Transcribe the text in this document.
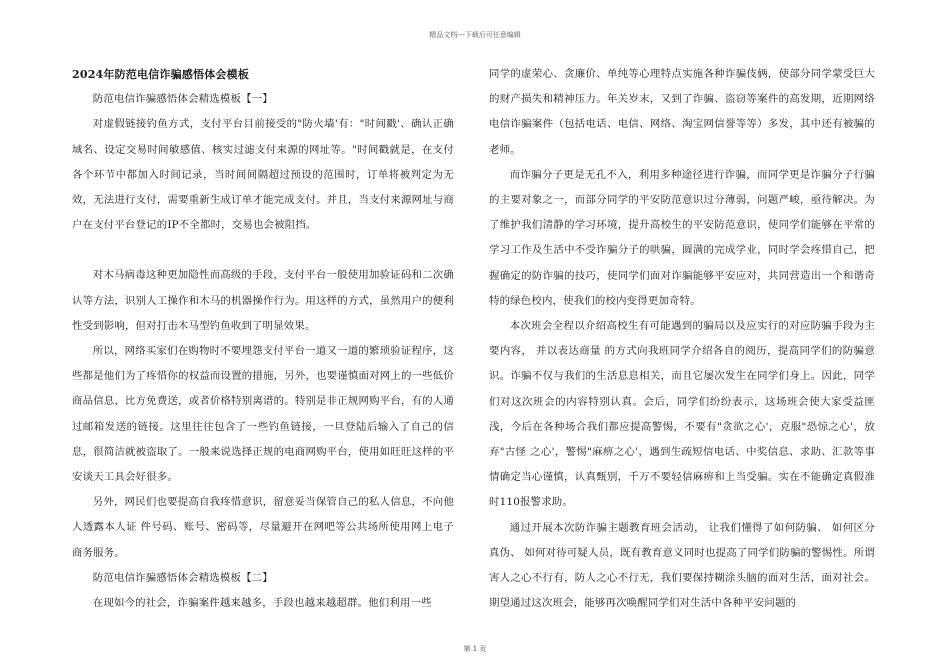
精品文档---下载后可任意编辑

2024年防范电信诈骗感悟体会模板

防范电信诈骗感悟体会精选模板【一】

对虚假链接钓鱼方式，支付平台目前接受的"防火墙'有："时间戳'、确认正确域名、设定交易时间敏感值、核实过滤支付来源的网址等。"时间戳就是，在支付各个环节中都加入时间记录，当时间间隔超过预设的范围时，订单将被判定为无效，无法进行支付，需要重新生成订单才能完成支付。并且，当支付来源网址与商户在支付平台登记的IP不全都时，交易也会被阻挡。

对木马病毒这种更加隐性而高级的手段，支付平台一般使用加验证码和二次确认等方法，识别人工操作和木马的机器操作行为。用这样的方式，虽然用户的便利性受到影响，但对打击木马型钓鱼收到了明显效果。

所以，网络买家们在购物时不要埋怨支付平台一道又一道的繁琐验证程序，这些都是他们为了疼惜你的权益而设置的措施，另外，也要谨慎面对网上的一些低价商品信息，比方免费送，或者价格特别离谱的。特别是非正规网购平台，有的人通过邮箱发送的链接。这里往往包含了一些钓鱼链接，一旦登陆后输入了自己的信息，很简洁就被盗取了。一般来说选择正规的电商网购平台，使用如旺旺这样的平安谈天工具会好很多。

另外，网民们也要提高自我疼惜意识，留意妥当保管自己的私人信息，不向他人透露本人证 件号码、账号、密码等，尽量避开在网吧等公共场所使用网上电子商务服务。

防范电信诈骗感悟体会精选模板【二】

在现如今的社会，诈骗案件越来越多，手段也越来越超群。他们利用一些

同学的虚荣心、贪廉价、单纯等心理特点实施各种诈骗伎俩，使部分同学蒙受巨大的财产损失和精神压力。年关岁末，又到了诈骗、盗窃等案件的高发期，近期网络电信诈骗案件（包括电话、电信、网络、淘宝网信誉等等）多发，其中还有被骗的老师。

而诈骗分子更是无孔不入，利用多种途径进行诈骗，而同学更是诈骗分子行骗的主要对象之一，而部分同学的平安防范意识过分薄弱，问题严峻，亟待解决。为了维护我们清静的学习环境，提升高校生的平安防范意识，使同学们能够在平常的学习工作及生活中不受诈骗分子的哄骗，圆满的完成学业，同时学会疼惜自己，把握确定的防诈骗的技巧，使同学们面对诈骗能够平安应对，共同营造出一个和谐奇特的绿色校内，使我们的校内变得更加奇特。

本次班会全程以介绍高校生有可能遇到的骗局以及应实行的对应防骗手段为主要内容， 并以表达商量 的方式向我班同学介绍各自的阅历，提高同学们的防骗意识。诈骗不仅与我们的生活息息相关，而且它屡次发生在同学们身上。因此，同学们对这次班会的内容特别认真。会后，同学们纷纷表示，这场班会使大家受益匪浅，今后在各种场合我们都应提高警惕，不要有"贪欲之心'，克服"恐惊之心'，放弃"古怪 之心'，警惕"麻痹之心'，遇到生疏短信电话、中奖信息、求助、汇款等事情确定当心谨慎，认真甄别，千万不要轻信麻痹和上当受骗。实在不能确定真假准时110报警求助。

通过开展本次防诈骗主题教育班会活动， 让我们懂得了如何防骗、 如何区分真伪、 如何对待可疑人员，既有教育意义同时也提高了同学们防骗的警惕性。所谓害人之心不行有，防人之心不行无，我们要保持糊涂头脑的面对生活，面对社会。 期望通过这次班会，能够再次唤醒同学们对生活中各种平安问题的

第 1 页
